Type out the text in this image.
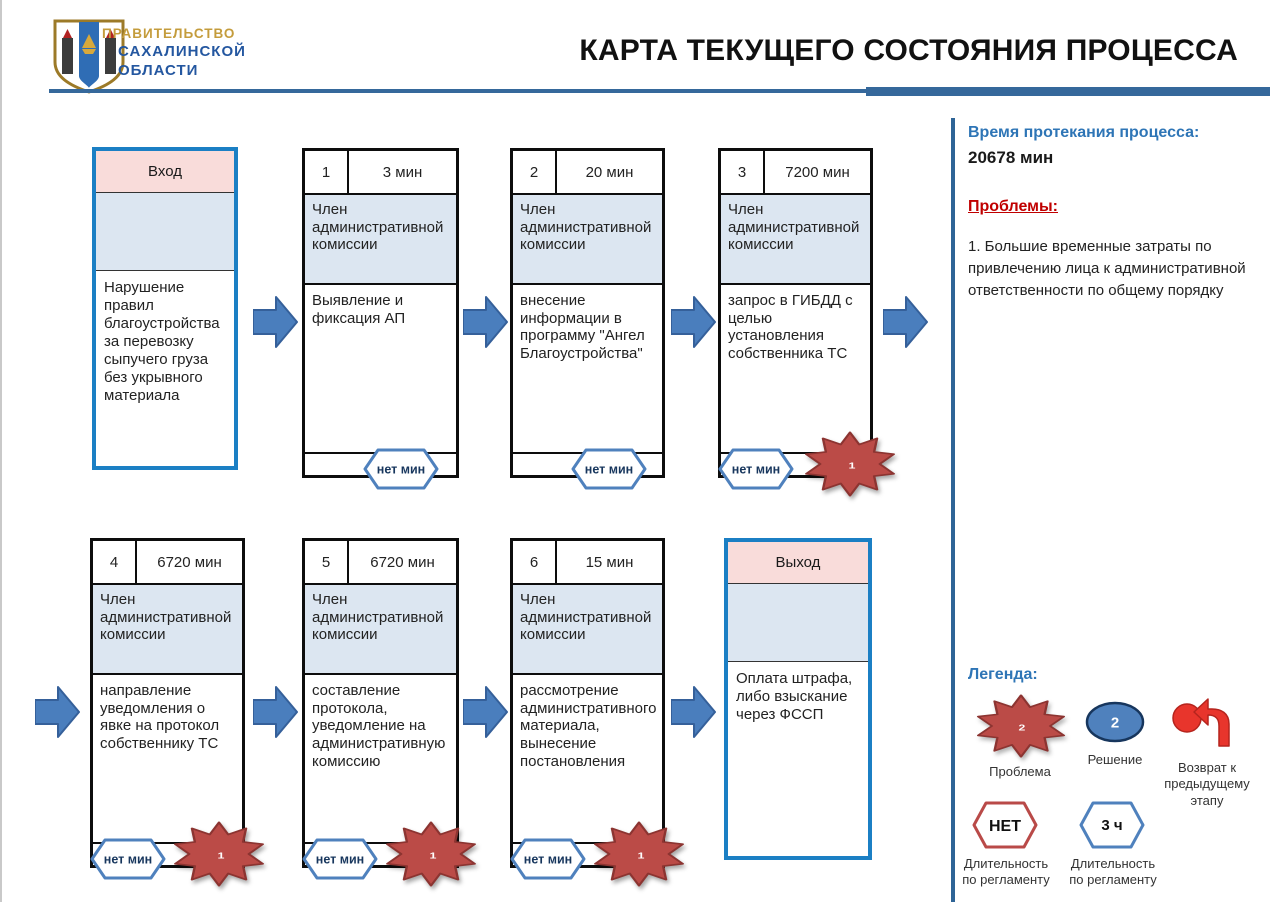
ПРАВИТЕЛЬСТВО
САХАЛИНСКОЙ
ОБЛАСТИ
КАРТА ТЕКУЩЕГО СОСТОЯНИЯ ПРОЦЕССА
Вход
Нарушение правил благоустройства за перевозку сыпучего груза без укрывного материала
1	3 мин
Член административной комиссии
Выявление и фиксация АП
нет мин
2	20 мин
Член административной комиссии
внесение информации в программу "Ангел Благоустройства"
нет мин
3	7200 мин
Член административной комиссии
запрос в ГИБДД с целью установления собственника ТС
нет мин	1
4	6720 мин
Член административной комиссии
направление уведомления о явке на протокол собственнику ТС
нет мин	1
5	6720 мин
Член административной комиссии
составление протокола, уведомление на административную комиссию
нет мин	1
6	15 мин
Член административной комиссии
рассмотрение административного материала, вынесение постановления
нет мин	1
Выход
Оплата штрафа, либо взыскание через ФССП
Время протекания процесса:
20678 мин
Проблемы:
1. Большие временные затраты по привлечению лица к административной ответственности по общему порядку
Легенда:
2
Проблема
2
Решение
Возврат к предыдущему этапу
НЕТ
Длительность по регламенту
3 ч
Длительность по регламенту
